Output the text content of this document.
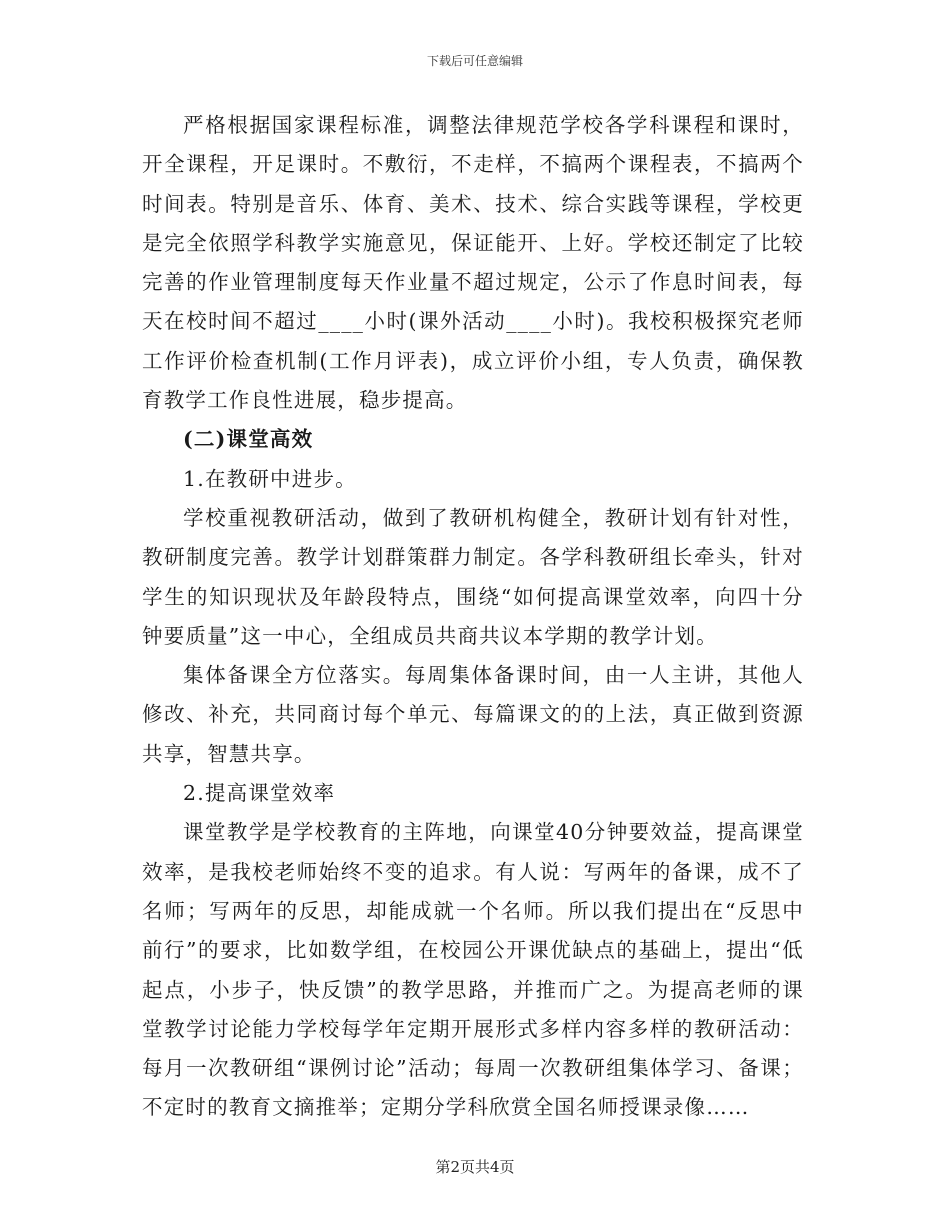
下载后可任意编辑

严格根据国家课程标准，调整法律规范学校各学科课程和课时，开全课程，开足课时。不敷衍，不走样，不搞两个课程表，不搞两个时间表。特别是音乐、体育、美术、技术、综合实践等课程，学校更是完全依照学科教学实施意见，保证能开、上好。学校还制定了比较完善的作业管理制度每天作业量不超过规定，公示了作息时间表，每天在校时间不超过____小时(课外活动____小时)。我校积极探究老师工作评价检查机制(工作月评表)，成立评价小组，专人负责，确保教育教学工作良性进展，稳步提高。

(二)课堂高效

1.在教研中进步。

学校重视教研活动，做到了教研机构健全，教研计划有针对性，教研制度完善。教学计划群策群力制定。各学科教研组长牵头，针对学生的知识现状及年龄段特点，围绕“如何提高课堂效率，向四十分钟要质量”这一中心，全组成员共商共议本学期的教学计划。

集体备课全方位落实。每周集体备课时间，由一人主讲，其他人修改、补充，共同商讨每个单元、每篇课文的的上法，真正做到资源共享，智慧共享。

2.提高课堂效率

课堂教学是学校教育的主阵地，向课堂40分钟要效益，提高课堂效率，是我校老师始终不变的追求。有人说：写两年的备课，成不了名师；写两年的反思，却能成就一个名师。所以我们提出在“反思中前行”的要求，比如数学组，在校园公开课优缺点的基础上，提出“低起点，小步子，快反馈”的教学思路，并推而广之。为提高老师的课堂教学讨论能力学校每学年定期开展形式多样内容多样的教研活动：每月一次教研组“课例讨论”活动；每周一次教研组集体学习、备课；不定时的教育文摘推举；定期分学科欣赏全国名师授课录像……

第2页共4页
